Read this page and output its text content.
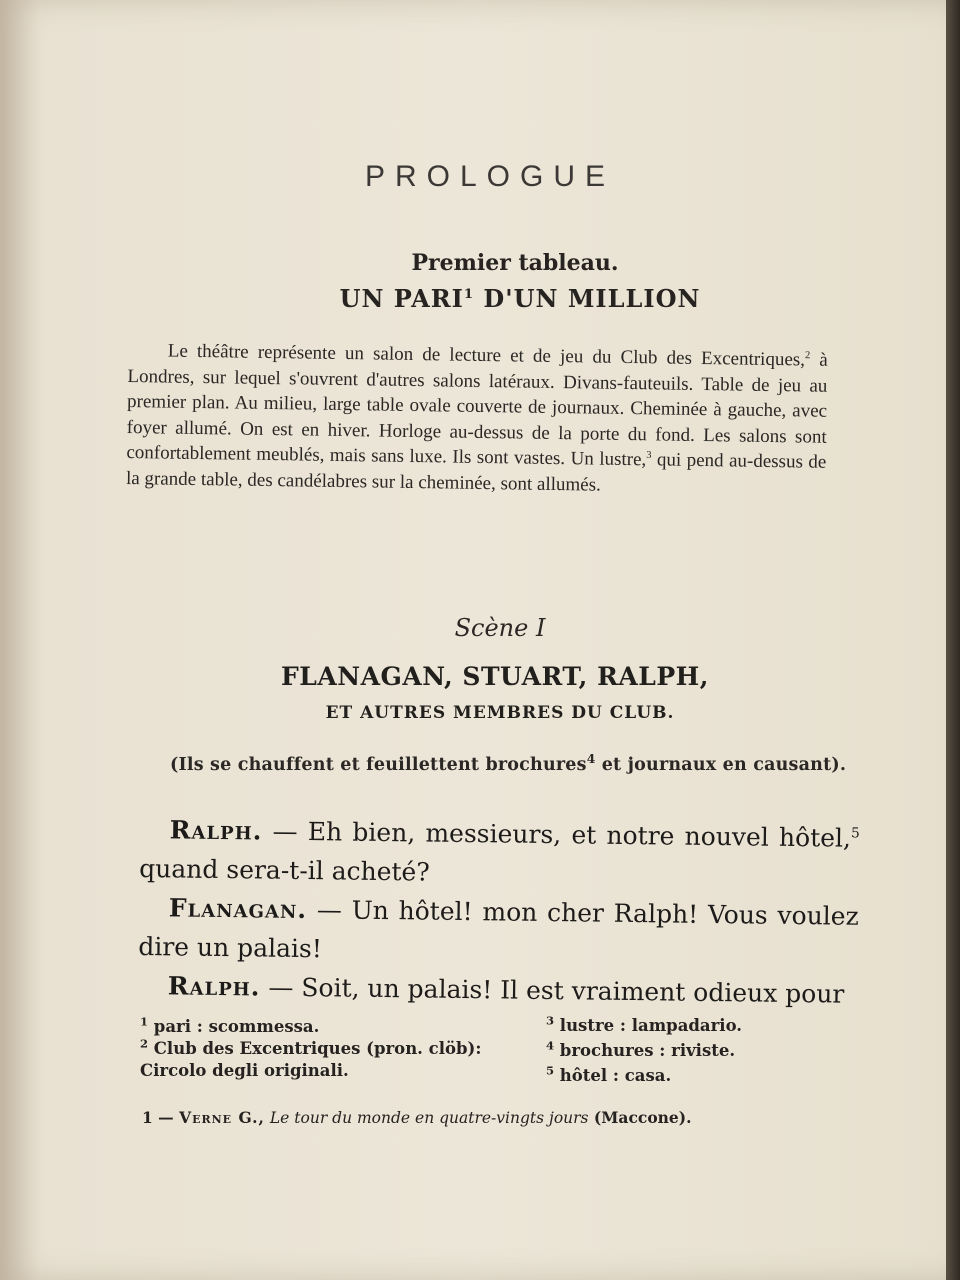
PROLOGUE
Premier tableau.
UN PARI$^1$ D'UN MILLION

Le théâtre représente un salon de lecture et de jeu du Club des Excentriques,$^2$ à Londres, sur lequel s'ouvrent d'autres salons latéraux. Divans-fauteuils. Table de jeu au premier plan. Au milieu, large table ovale couverte de journaux. Cheminée à gauche, avec foyer allumé. On est en hiver. Horloge au-dessus de la porte du fond. Les salons sont confortablement meublés, mais sans luxe. Ils sont vastes. Un lustre,$^3$ qui pend au-dessus de la grande table, des candélabres sur la cheminée, sont allumés.

Scène I
FLANAGAN, STUART, RALPH,
ET AUTRES MEMBRES DU CLUB.
(Ils se chauffent et feuillettent brochures$^4$ et journaux en causant).

Ralph. — Eh bien, messieurs, et notre nouvel hôtel,$^5$ quand sera-t-il acheté?

Flanagan. — Un hôtel! mon cher Ralph! Vous voulez dire un palais!

Ralph. — Soit, un palais! Il est vraiment odieux pour

$^1$ pari : scommessa.

$^2$ Club des Excentriques (pron. clöb): Circolo degli originali.

$^3$ lustre : lampadario.

$^4$ brochures : riviste.

$^5$ hôtel : casa.

1 — Verne G., Le tour du monde en quatre-vingts jours (Maccone).
